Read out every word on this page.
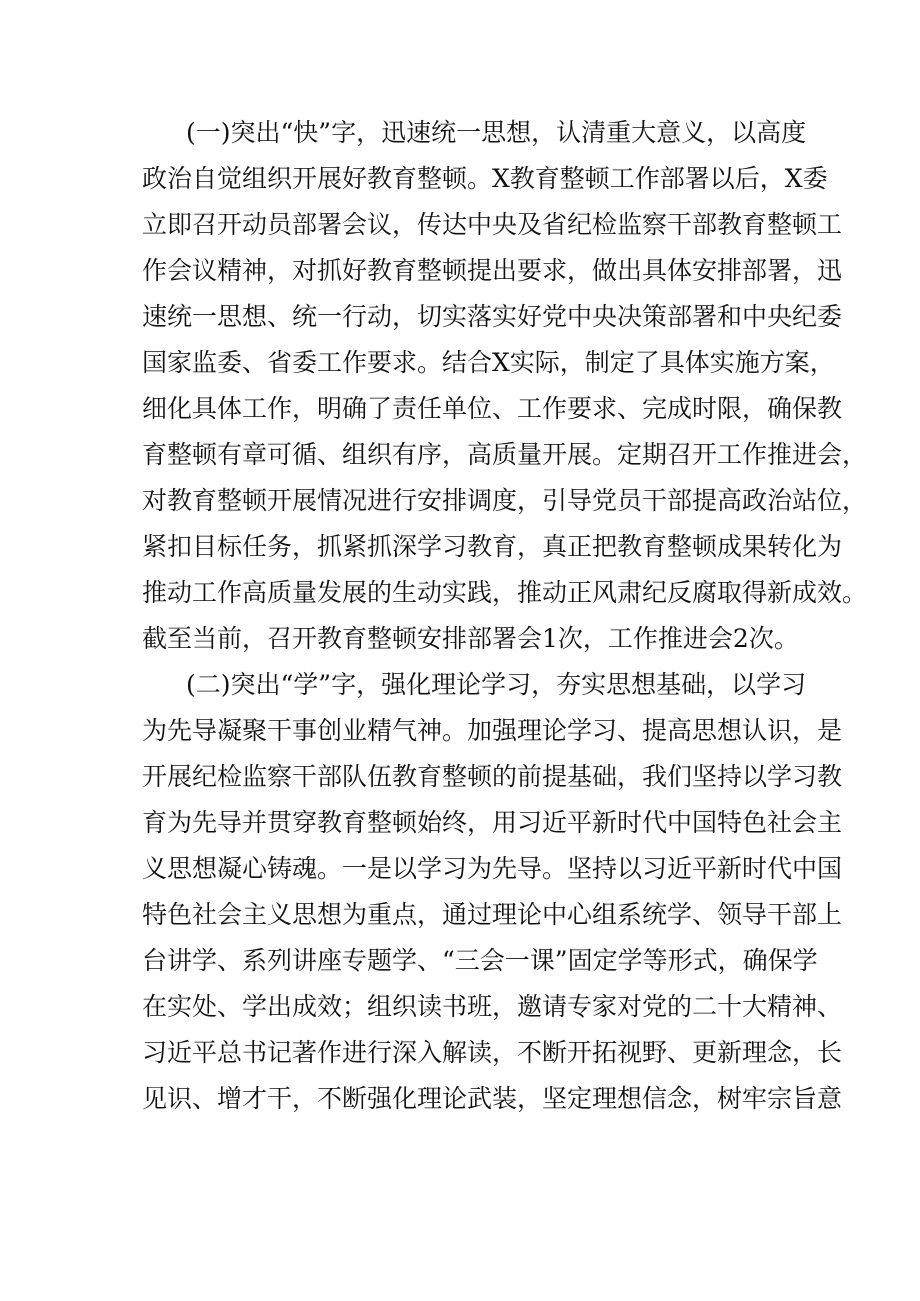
(一)突出“快”字，迅速统一思想，认清重大意义，以高度
政治自觉组织开展好教育整顿。X教育整顿工作部署以后，X委
立即召开动员部署会议，传达中央及省纪检监察干部教育整顿工
作会议精神，对抓好教育整顿提出要求，做出具体安排部署，迅
速统一思想、统一行动，切实落实好党中央决策部署和中央纪委
国家监委、省委工作要求。结合X实际，制定了具体实施方案，
细化具体工作，明确了责任单位、工作要求、完成时限，确保教
育整顿有章可循、组织有序，高质量开展。定期召开工作推进会，
对教育整顿开展情况进行安排调度，引导党员干部提高政治站位，
紧扣目标任务，抓紧抓深学习教育，真正把教育整顿成果转化为
推动工作高质量发展的生动实践，推动正风肃纪反腐取得新成效。
截至当前，召开教育整顿安排部署会1次，工作推进会2次。
(二)突出“学”字，强化理论学习，夯实思想基础，以学习
为先导凝聚干事创业精气神。加强理论学习、提高思想认识，是
开展纪检监察干部队伍教育整顿的前提基础，我们坚持以学习教
育为先导并贯穿教育整顿始终，用习近平新时代中国特色社会主
义思想凝心铸魂。一是以学习为先导。坚持以习近平新时代中国
特色社会主义思想为重点，通过理论中心组系统学、领导干部上
台讲学、系列讲座专题学、“三会一课”固定学等形式，确保学
在实处、学出成效；组织读书班，邀请专家对党的二十大精神、
习近平总书记著作进行深入解读，不断开拓视野、更新理念，长
见识、增才干，不断强化理论武装，坚定理想信念，树牢宗旨意
